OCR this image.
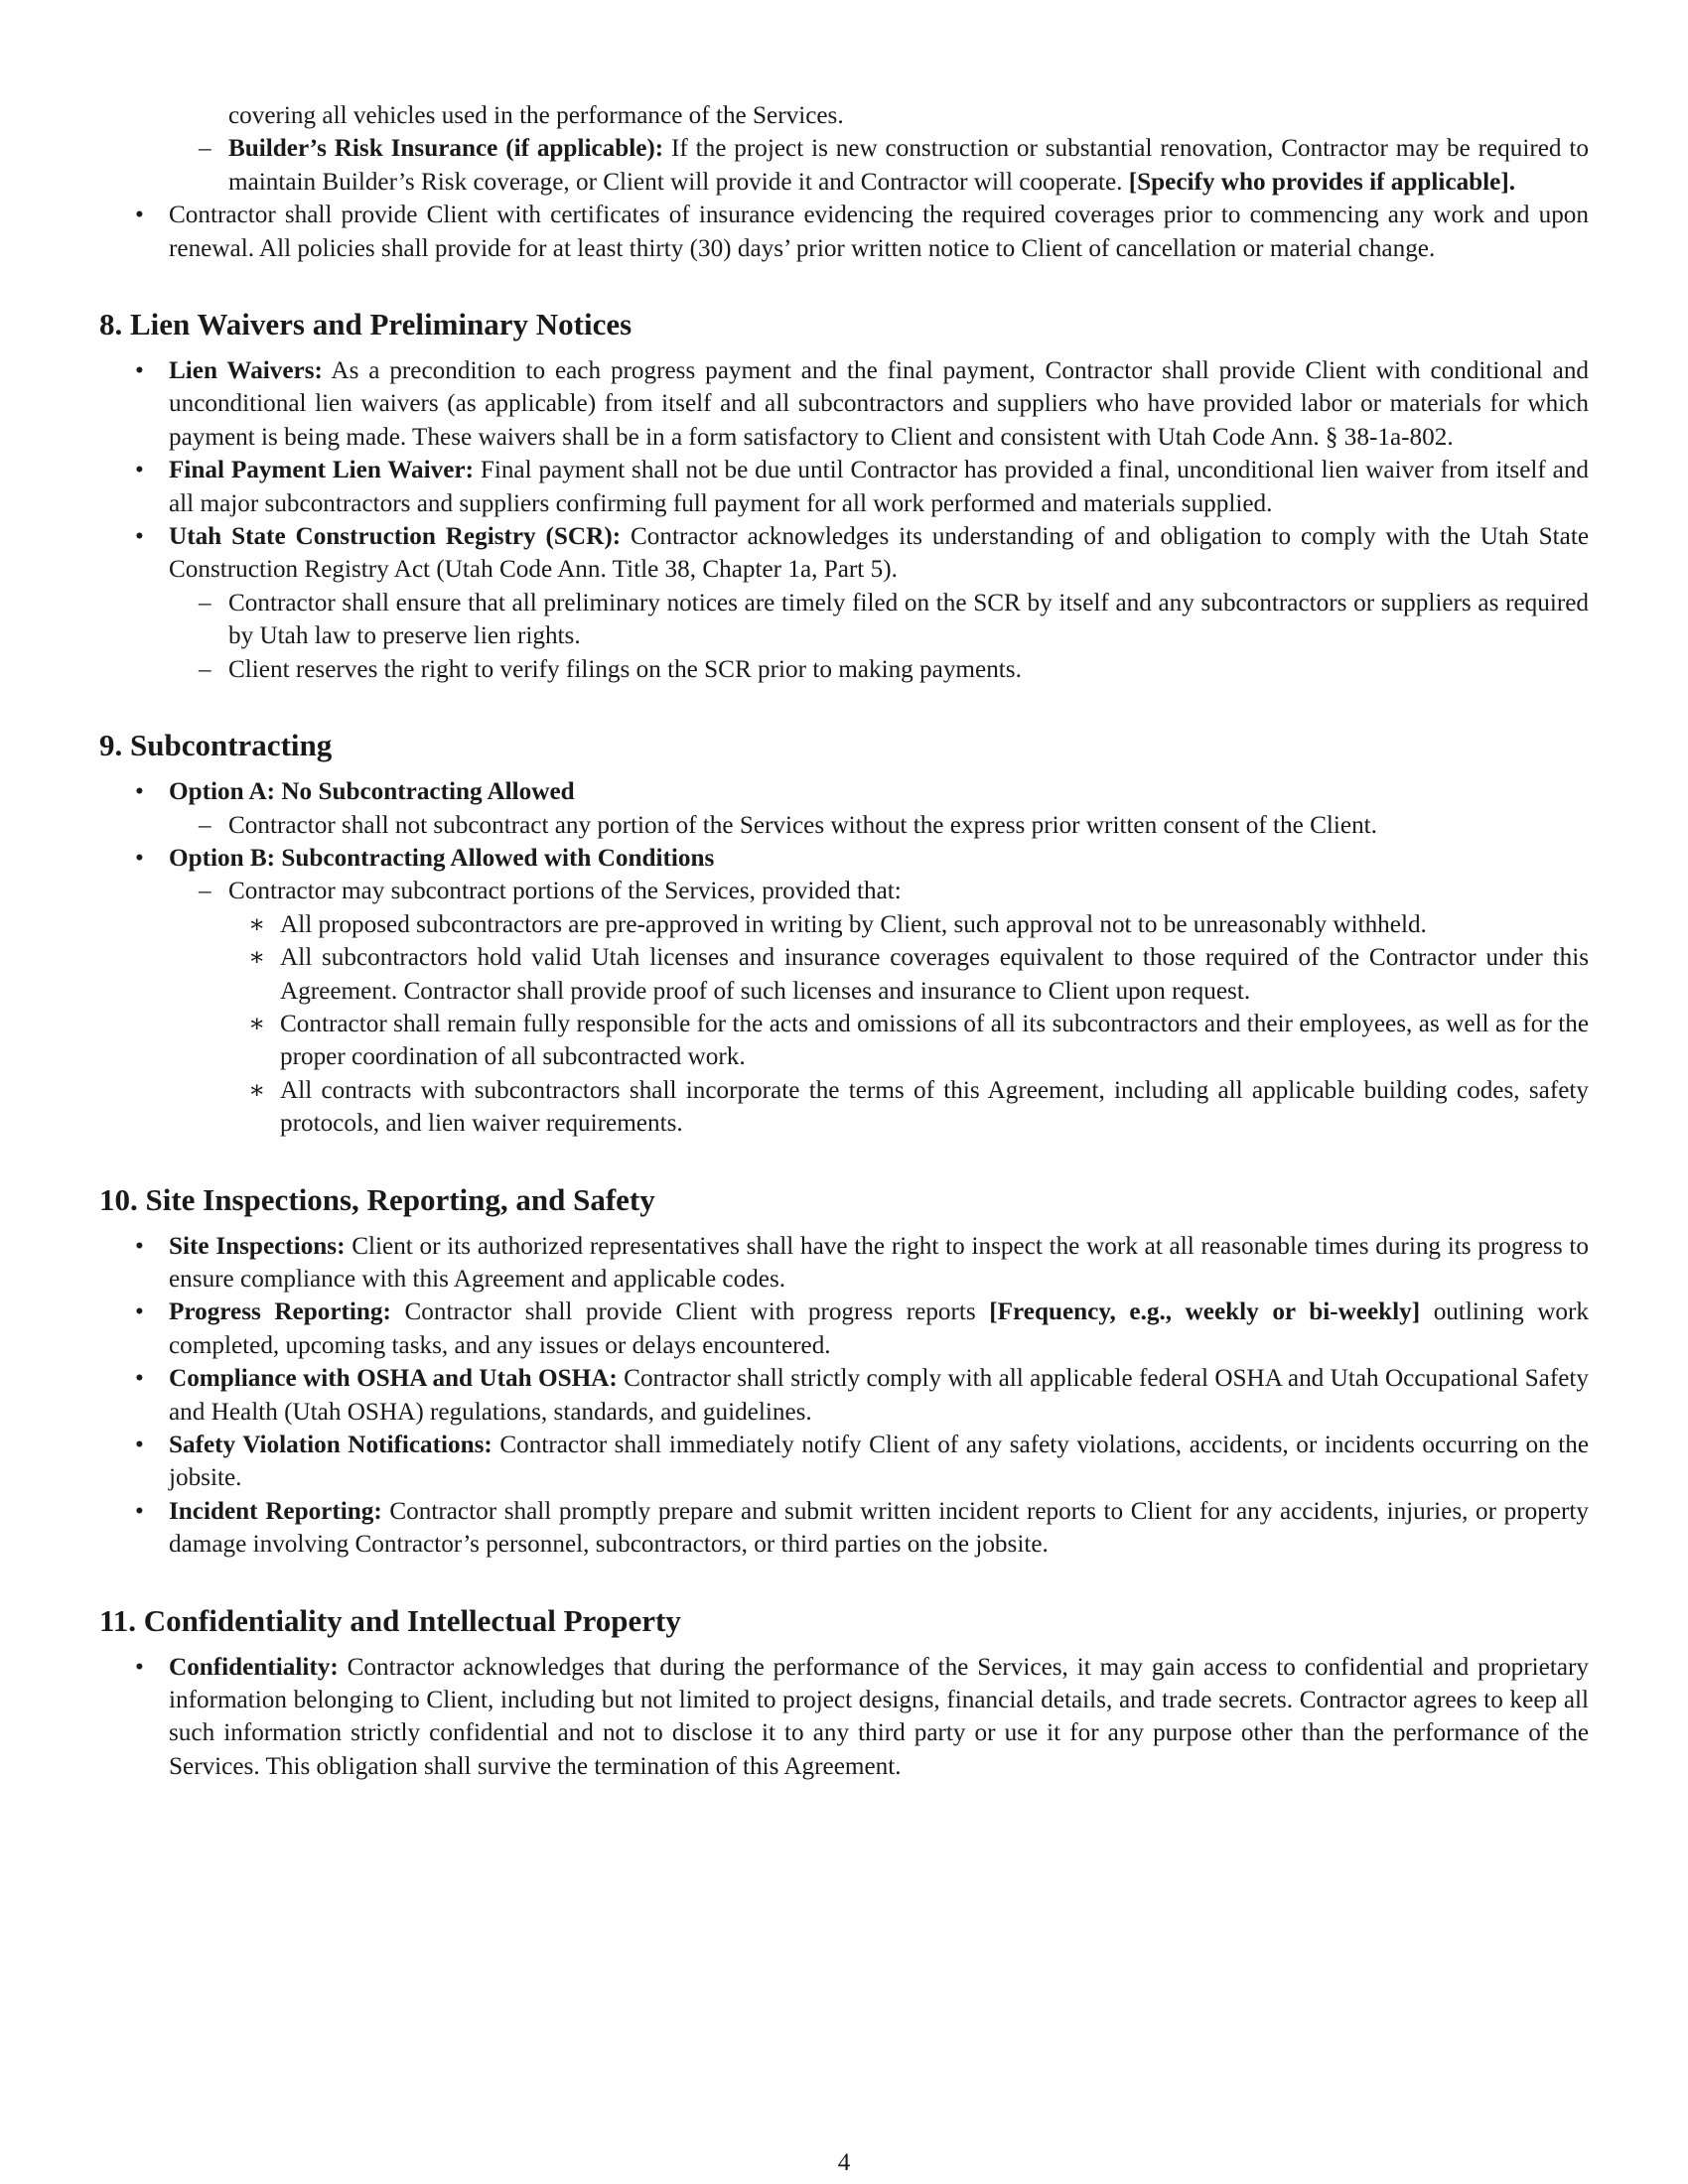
covering all vehicles used in the performance of the Services.
– Builder’s Risk Insurance (if applicable): If the project is new construction or substantial renovation, Contractor may be required to maintain Builder’s Risk coverage, or Client will provide it and Contractor will cooperate. [Specify who provides if applicable].
• Contractor shall provide Client with certificates of insurance evidencing the required coverages prior to commencing any work and upon renewal. All policies shall provide for at least thirty (30) days’ prior written notice to Client of cancellation or material change.
8. Lien Waivers and Preliminary Notices
• Lien Waivers: As a precondition to each progress payment and the final payment, Contractor shall provide Client with conditional and unconditional lien waivers (as applicable) from itself and all subcontractors and suppliers who have provided labor or materials for which payment is being made. These waivers shall be in a form satisfactory to Client and consistent with Utah Code Ann. § 38-1a-802.
• Final Payment Lien Waiver: Final payment shall not be due until Contractor has provided a final, unconditional lien waiver from itself and all major subcontractors and suppliers confirming full payment for all work performed and materials supplied.
• Utah State Construction Registry (SCR): Contractor acknowledges its understanding of and obligation to comply with the Utah State Construction Registry Act (Utah Code Ann. Title 38, Chapter 1a, Part 5).
– Contractor shall ensure that all preliminary notices are timely filed on the SCR by itself and any subcontractors or suppliers as required by Utah law to preserve lien rights.
– Client reserves the right to verify filings on the SCR prior to making payments.
9. Subcontracting
• Option A: No Subcontracting Allowed
– Contractor shall not subcontract any portion of the Services without the express prior written consent of the Client.
• Option B: Subcontracting Allowed with Conditions
– Contractor may subcontract portions of the Services, provided that:
∗ All proposed subcontractors are pre-approved in writing by Client, such approval not to be unreasonably withheld.
∗ All subcontractors hold valid Utah licenses and insurance coverages equivalent to those required of the Contractor under this Agreement. Contractor shall provide proof of such licenses and insurance to Client upon request.
∗ Contractor shall remain fully responsible for the acts and omissions of all its subcontractors and their employees, as well as for the proper coordination of all subcontracted work.
∗ All contracts with subcontractors shall incorporate the terms of this Agreement, including all applicable building codes, safety protocols, and lien waiver requirements.
10. Site Inspections, Reporting, and Safety
• Site Inspections: Client or its authorized representatives shall have the right to inspect the work at all reasonable times during its progress to ensure compliance with this Agreement and applicable codes.
• Progress Reporting: Contractor shall provide Client with progress reports [Frequency, e.g., weekly or bi-weekly] outlining work completed, upcoming tasks, and any issues or delays encountered.
• Compliance with OSHA and Utah OSHA: Contractor shall strictly comply with all applicable federal OSHA and Utah Occupational Safety and Health (Utah OSHA) regulations, standards, and guidelines.
• Safety Violation Notifications: Contractor shall immediately notify Client of any safety violations, accidents, or incidents occurring on the jobsite.
• Incident Reporting: Contractor shall promptly prepare and submit written incident reports to Client for any accidents, injuries, or property damage involving Contractor’s personnel, subcontractors, or third parties on the jobsite.
11. Confidentiality and Intellectual Property
• Confidentiality: Contractor acknowledges that during the performance of the Services, it may gain access to confidential and proprietary information belonging to Client, including but not limited to project designs, financial details, and trade secrets. Contractor agrees to keep all such information strictly confidential and not to disclose it to any third party or use it for any purpose other than the performance of the Services. This obligation shall survive the termination of this Agreement.
4
